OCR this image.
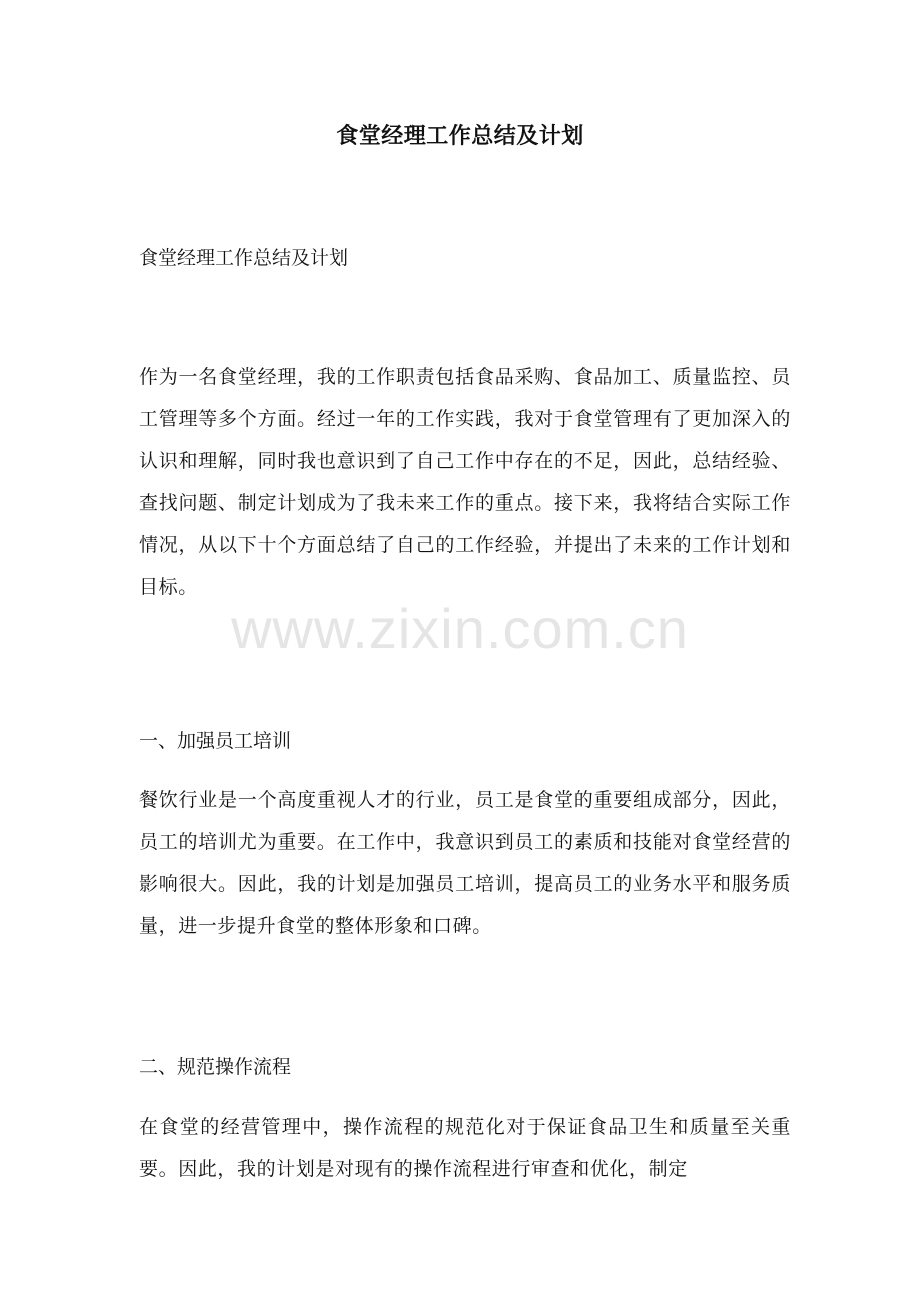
食堂经理工作总结及计划
食堂经理工作总结及计划

作为一名食堂经理，我的工作职责包括食品采购、食品加工、质量监控、员工管理等多个方面。经过一年的工作实践，我对于食堂管理有了更加深入的认识和理解，同时我也意识到了自己工作中存在的不足，因此，总结经验、查找问题、制定计划成为了我未来工作的重点。接下来，我将结合实际工作情况，从以下十个方面总结了自己的工作经验，并提出了未来的工作计划和目标。

一、加强员工培训

餐饮行业是一个高度重视人才的行业，员工是食堂的重要组成部分，因此，员工的培训尤为重要。在工作中，我意识到员工的素质和技能对食堂经营的影响很大。因此，我的计划是加强员工培训，提高员工的业务水平和服务质量，进一步提升食堂的整体形象和口碑。

二、规范操作流程

在食堂的经营管理中，操作流程的规范化对于保证食品卫生和质量至关重要。因此，我的计划是对现有的操作流程进行审查和优化，制定

www.zixin.com.cn
